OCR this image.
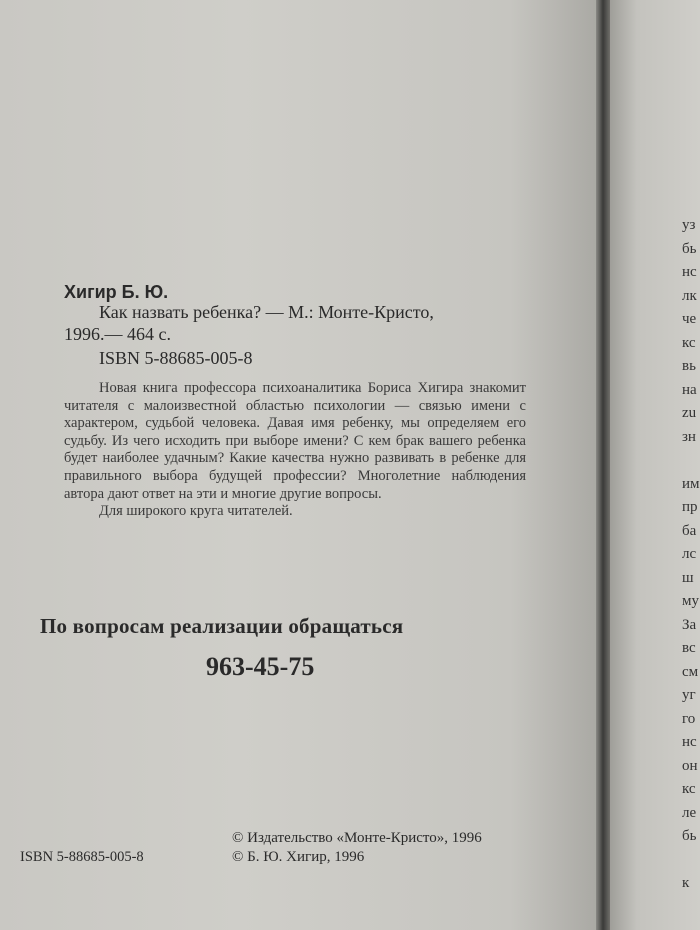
Хигир Б. Ю.
Как назвать ребенка? — М.: Монте-Кристо,
1996.— 464 с.
ISBN 5-88685-005-8

Новая книга профессора психоаналитика Бориса Хигира знакомит читателя с малоизвестной областью психологии — связью имени с характером, судьбой человека. Давая имя ребенку, мы определяем его судьбу. Из чего исходить при выборе имени? С кем брак вашего ребенка будет наиболее удачным? Какие качества нужно развивать в ребенке для правильного выбора будущей профессии? Многолетние наблюдения автора дают ответ на эти и многие другие вопросы.

Для широкого круга читателей.

По вопросам реализации обращаться
963-45-75
ISBN 5-88685-005-8
© Издательство «Монте-Кристо», 1996
© Б. Ю. Хигир, 1996
уз
бь
нс
лк
че
кс
вь
на
zu
зн
им
пр
ба
лс
ш
му
За
вс
см
уг
го
нс
он
кс
ле
бь
к
